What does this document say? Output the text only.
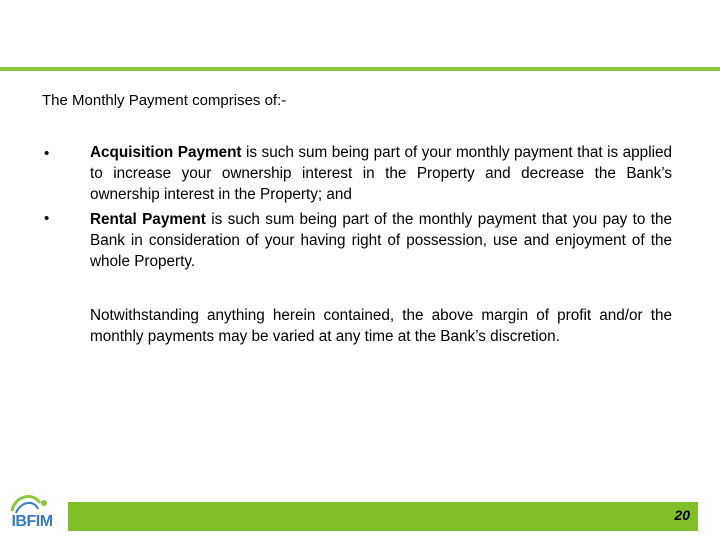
The Monthly Payment comprises of:-
•	Acquisition Payment is such sum being part of your monthly payment that is applied to increase your ownership interest in the Property and decrease the Bank’s ownership interest in the Property; and
•	Rental Payment is such sum being part of the monthly payment that you pay to the Bank in consideration of your having right of possession, use and enjoyment of the whole Property.
Notwithstanding anything herein contained, the above margin of profit and/or the monthly payments may be varied at any time at the Bank’s discretion.
IBFIM	20
